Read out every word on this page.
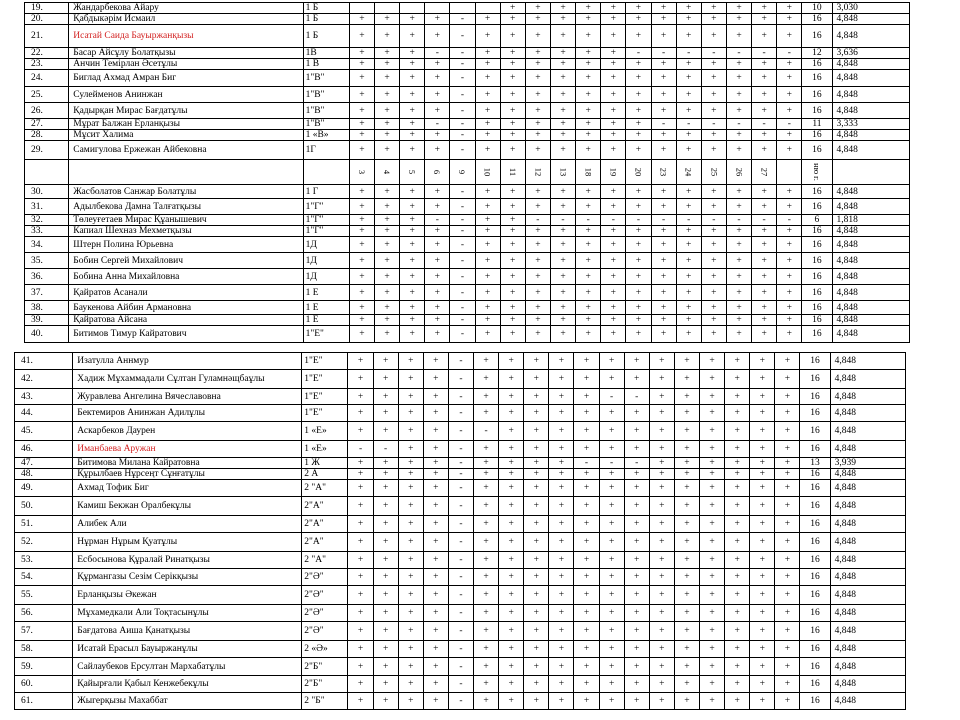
19.	Жандарбекова Айару	1 Б							+	+	+	+	+	+	+	+	+	+	+	+	10	3,030
20.	Қабдыкәрім Исмаил	1 Б	+	+	+	+	-	+	+	+	+	+	+	+	+	+	+	+	+	+	16	4,848
21.	Исатай Саида Бауыржанқызы	1 Б	+	+	+	+	-	+	+	+	+	+	+	+	+	+	+	+	+	+	16	4,848
22.	Басар Айсұлу Болатқызы	1В	+	+	+	-	-	+	+	+	+	+	+	-	-	-	-	-	-	-	12	3,636
23.	Анчин Темірлан Әсетұлы	1 В	+	+	+	+	-	+	+	+	+	+	+	+	+	+	+	+	+	+	16	4,848
24.	Биглад Ахмад Амран Биг	1"В"	+	+	+	+	-	+	+	+	+	+	+	+	+	+	+	+	+	+	16	4,848
25.	Сулейменов Анинжан	1"В"	+	+	+	+	-	+	+	+	+	+	+	+	+	+	+	+	+	+	16	4,848
26.	Қадырқан Мирас Бағдатұлы	1"В"	+	+	+	+	-	+	+	+	+	+	+	+	+	+	+	+	+	+	16	4,848
27.	Мұрат Балжан Ерланқызы	1"В"	+	+	+	-	-	+	+	+	+	+	+	+	-	-	-	-	-	-	11	3,333
28.	Мұсит Халима	1 «В»	+	+	+	+	-	+	+	+	+	+	+	+	+	+	+	+	+	+	16	4,848
29.	Самигулова Ержежан Айбековна	1Г	+	+	+	+	-	+	+	+	+	+	+	+	+	+	+	+	+	+	16	4,848
			3	4	5	6	9	10	11	12	13	18	19	20	23	24	25	26	27		ню г.	
30.	Жасболатов Санжар Болатұлы	1 Г	+	+	+	+	-	+	+	+	+	+	+	+	+	+	+	+	+	+	16	4,848
31.	Адылбекова Дамна Талғатқызы	1"Г"	+	+	+	+	-	+	+	+	+	+	+	+	+	+	+	+	+	+	16	4,848
32.	Төлеуғетаев Мирас Құанышевич	1"Г"	+	+	+	-	-	+	+	-	-	-	-	-	-	-	-	-	-	-	6	1,818
33.	Капиал Шехназ Мехметқызы	1"Г"	+	+	+	+	-	+	+	+	+	+	+	+	+	+	+	+	+	+	16	4,848
34.	Штерн Полина Юрьевна	1Д	+	+	+	+	-	+	+	+	+	+	+	+	+	+	+	+	+	+	16	4,848
35.	Бобин Сергей Михайлович	1Д	+	+	+	+	-	+	+	+	+	+	+	+	+	+	+	+	+	+	16	4,848
36.	Бобина Анна Михайловна	1Д	+	+	+	+	-	+	+	+	+	+	+	+	+	+	+	+	+	+	16	4,848
37.	Қайратов Асанали	1 Е	+	+	+	+	-	+	+	+	+	+	+	+	+	+	+	+	+	+	16	4,848
38.	Баукенова Айбин Армановна	1 Е	+	+	+	+	-	+	+	+	+	+	+	+	+	+	+	+	+	+	16	4,848
39.	Қайратова Айсана	1 Е	+	+	+	+	-	+	+	+	+	+	+	+	+	+	+	+	+	+	16	4,848
40.	Битимов Тимур Кайратович	1"Е"	+	+	+	+	-	+	+	+	+	+	+	+	+	+	+	+	+	+	16	4,848
41.	Изатулла Аннмур	1"Е"	+	+	+	+	-	+	+	+	+	+	+	+	+	+	+	+	+	+	16	4,848
42.	Хадиж Мұхаммадали Сұлтан Гуламнәщбаұлы	1"Е"	+	+	+	+	-	+	+	+	+	+	+	+	+	+	+	+	+	+	16	4,848
43.	Журавлева Ангелина Вячеславовна	1"Е"	+	+	+	+	-	+	+	+	+	+	-	-	+	+	+	+	+	+	16	4,848
44.	Бектемиров Анинжан Адилұлы	1"Е"	+	+	+	+	-	+	+	+	+	+	+	+	+	+	+	+	+	+	16	4,848
45.	Аскарбеков Даурен	1 «Е»	+	+	+	+	-	-	+	+	+	+	+	+	+	+	+	+	+	+	16	4,848
46.	Иманбаева Аружан	1 «Е»	-	-	+	+	-	+	+	+	+	+	+	+	+	+	+	+	+	+	16	4,848
47.	Битимова Милана Кайратовна	1 Ж	+	+	+	+	-	+	+	+	+	-	-	-	+	+	+	+	+	+	13	3,939
48.	Құрылбаев Нұрсеңт Сұнғатұлы	2 А	+	+	+	+	-	+	+	+	+	+	+	+	+	+	+	+	+	+	16	4,848
49.	Ахмад Тофик Биг	2 "А"	+	+	+	+	-	+	+	+	+	+	+	+	+	+	+	+	+	+	16	4,848
50.	Камиш Бекжан Оралбекұлы	2"А"	+	+	+	+	-	+	+	+	+	+	+	+	+	+	+	+	+	+	16	4,848
51.	Алибек Али	2"А"	+	+	+	+	-	+	+	+	+	+	+	+	+	+	+	+	+	+	16	4,848
52.	Нұрман Нұрым Қуатұлы	2"А"	+	+	+	+	-	+	+	+	+	+	+	+	+	+	+	+	+	+	16	4,848
53.	Есбосынова Құралай Ринатқызы	2 "А"	+	+	+	+	-	+	+	+	+	+	+	+	+	+	+	+	+	+	16	4,848
54.	Құрмангазы Сезім Серікқызы	2"Ә"	+	+	+	+	-	+	+	+	+	+	+	+	+	+	+	+	+	+	16	4,848
55.	Ерланқызы Әкежан	2"Ә"	+	+	+	+	-	+	+	+	+	+	+	+	+	+	+	+	+	+	16	4,848
56.	Мұхамедкали Али Тоқтасынұлы	2"Ә"	+	+	+	+	-	+	+	+	+	+	+	+	+	+	+	+	+	+	16	4,848
57.	Бағдатова Аиша Қанатқызы	2"Ә"	+	+	+	+	-	+	+	+	+	+	+	+	+	+	+	+	+	+	16	4,848
58.	Исатай Ерасыл Бауыржанұлы	2 «Ә»	+	+	+	+	-	+	+	+	+	+	+	+	+	+	+	+	+	+	16	4,848
59.	Сайлаубеков Ерсултан Мархабатұлы	2"Б"	+	+	+	+	-	+	+	+	+	+	+	+	+	+	+	+	+	+	16	4,848
60.	Қайырғали Қабыл Кенжебекұлы	2"Б"	+	+	+	+	-	+	+	+	+	+	+	+	+	+	+	+	+	+	16	4,848
61.	Жыгерқызы Махаббат	2 "Б"	+	+	+	+	-	+	+	+	+	+	+	+	+	+	+	+	+	+	16	4,848
